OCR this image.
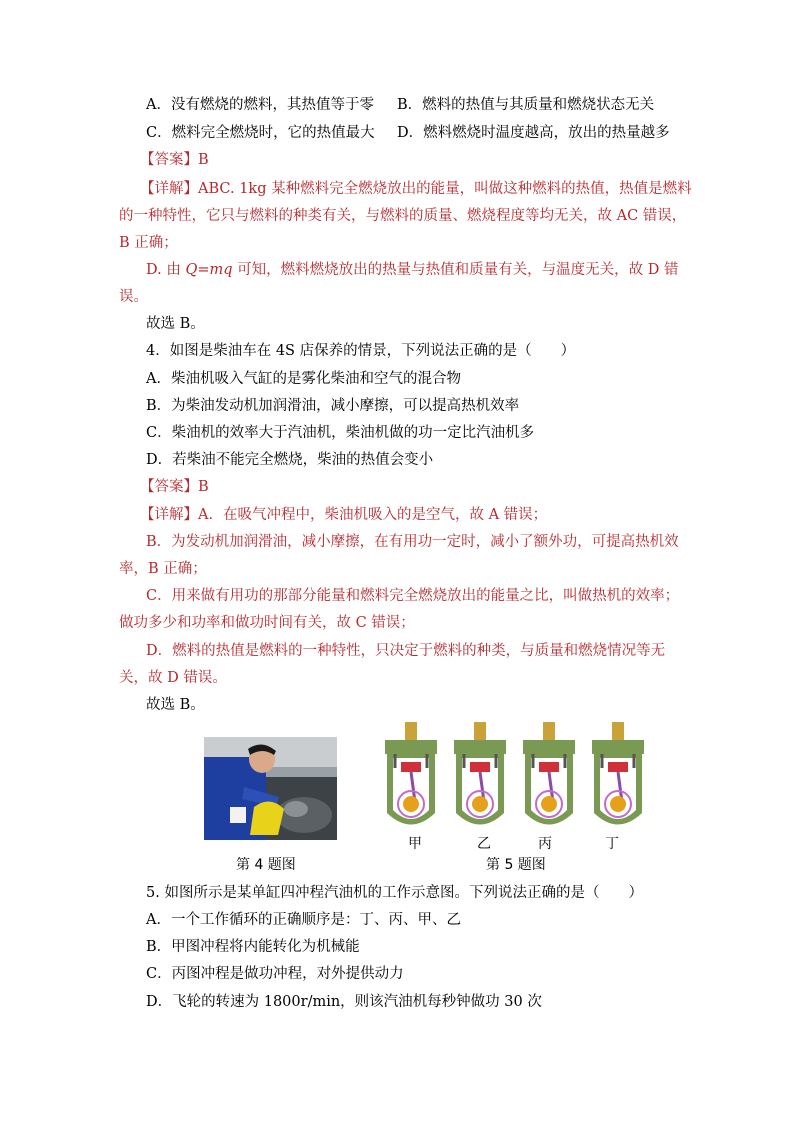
A．没有燃烧的燃料，其热值等于零 B．燃料的热值与其质量和燃烧状态无关
C．燃料完全燃烧时，它的热值最大 D．燃料燃烧时温度越高，放出的热量越多
【答案】B
【详解】ABC. 1kg 某种燃料完全燃烧放出的能量，叫做这种燃料的热值，热值是燃料
的一种特性，它只与燃料的种类有关，与燃料的质量、燃烧程度等均无关，故 AC 错误，
B 正确；
D. 由 Q=mq 可知，燃料燃烧放出的热量与热值和质量有关，与温度无关，故 D 错
误。
故选 B。
4．如图是柴油车在 4S 店保养的情景，下列说法正确的是（　　）
A．柴油机吸入气缸的是雾化柴油和空气的混合物
B．为柴油发动机加润滑油，减小摩擦，可以提高热机效率
C．柴油机的效率大于汽油机，柴油机做的功一定比汽油机多
D．若柴油不能完全燃烧，柴油的热值会变小
【答案】B
【详解】A．在吸气冲程中，柴油机吸入的是空气，故 A 错误；
B．为发动机加润滑油，减小摩擦，在有用功一定时，减小了额外功，可提高热机效
率，B 正确；
C．用来做有用功的那部分能量和燃料完全燃烧放出的能量之比，叫做热机的效率；
做功多少和功率和做功时间有关，故 C 错误；
D．燃料的热值是燃料的一种特性，只决定于燃料的种类，与质量和燃烧情况等无
关，故 D 错误。
故选 B。
第 4 题图
甲	乙	丙	丁
第 5 题图
5. 如图所示是某单缸四冲程汽油机的工作示意图。下列说法正确的是（　　）
A．一个工作循环的正确顺序是：丁、丙、甲、乙
B．甲图冲程将内能转化为机械能
C．丙图冲程是做功冲程，对外提供动力
D．飞轮的转速为 1800r/min，则该汽油机每秒钟做功 30 次
